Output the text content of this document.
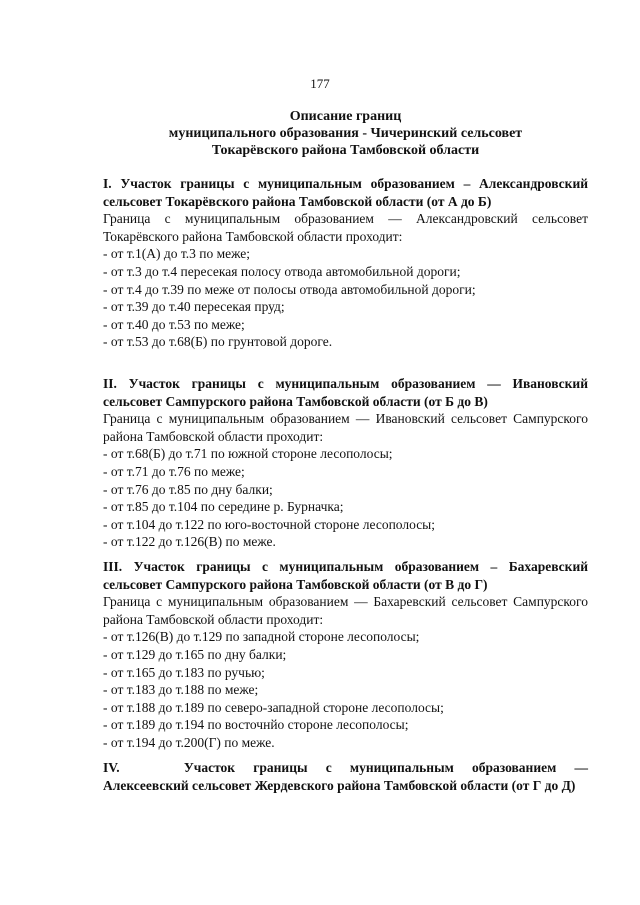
177
Описание границ
муниципального образования - Чичеринский сельсовет
Токарёвского района Тамбовской области
I. Участок границы с муниципальным образованием – Александровский сельсовет Токарёвского района Тамбовской области (от А до Б)
Граница с муниципальным образованием — Александровский сельсовет Токарёвского района Тамбовской области проходит:
- от т.1(А) до т.3 по меже;
- от т.3 до т.4 пересекая полосу отвода автомобильной дороги;
- от т.4 до т.39 по меже от полосы отвода автомобильной дороги;
- от т.39 до т.40 пересекая пруд;
- от т.40 до т.53 по меже;
- от т.53 до т.68(Б) по грунтовой дороге.
II. Участок границы с муниципальным образованием — Ивановский сельсовет Сампурского района Тамбовской области (от Б до В)
Граница с муниципальным образованием — Ивановский сельсовет Сампурского района Тамбовской области проходит:
- от т.68(Б) до т.71 по южной стороне лесополосы;
- от т.71 до т.76 по меже;
- от т.76 до т.85 по дну балки;
- от т.85 до т.104 по середине р. Бурначка;
- от т.104 до т.122 по юго-восточной стороне лесополосы;
- от т.122 до т.126(В) по меже.
III. Участок границы с муниципальным образованием – Бахаревский сельсовет Сампурского района Тамбовской области (от В до Г)
Граница с муниципальным образованием — Бахаревский сельсовет Сампурского района Тамбовской области проходит:
- от т.126(В) до т.129 по западной стороне лесополосы;
- от т.129 до т.165 по дну балки;
- от т.165 до т.183 по ручью;
- от т.183 до т.188 по меже;
- от т.188 до т.189 по северо-западной стороне лесополосы;
- от т.189 до т.194 по восточнйо стороне лесополосы;
- от т.194 до т.200(Г) по меже.
IV.	Участок границы с муниципальным образованием — Алексеевский сельсовет Жердевского района Тамбовской области (от Г до Д)
